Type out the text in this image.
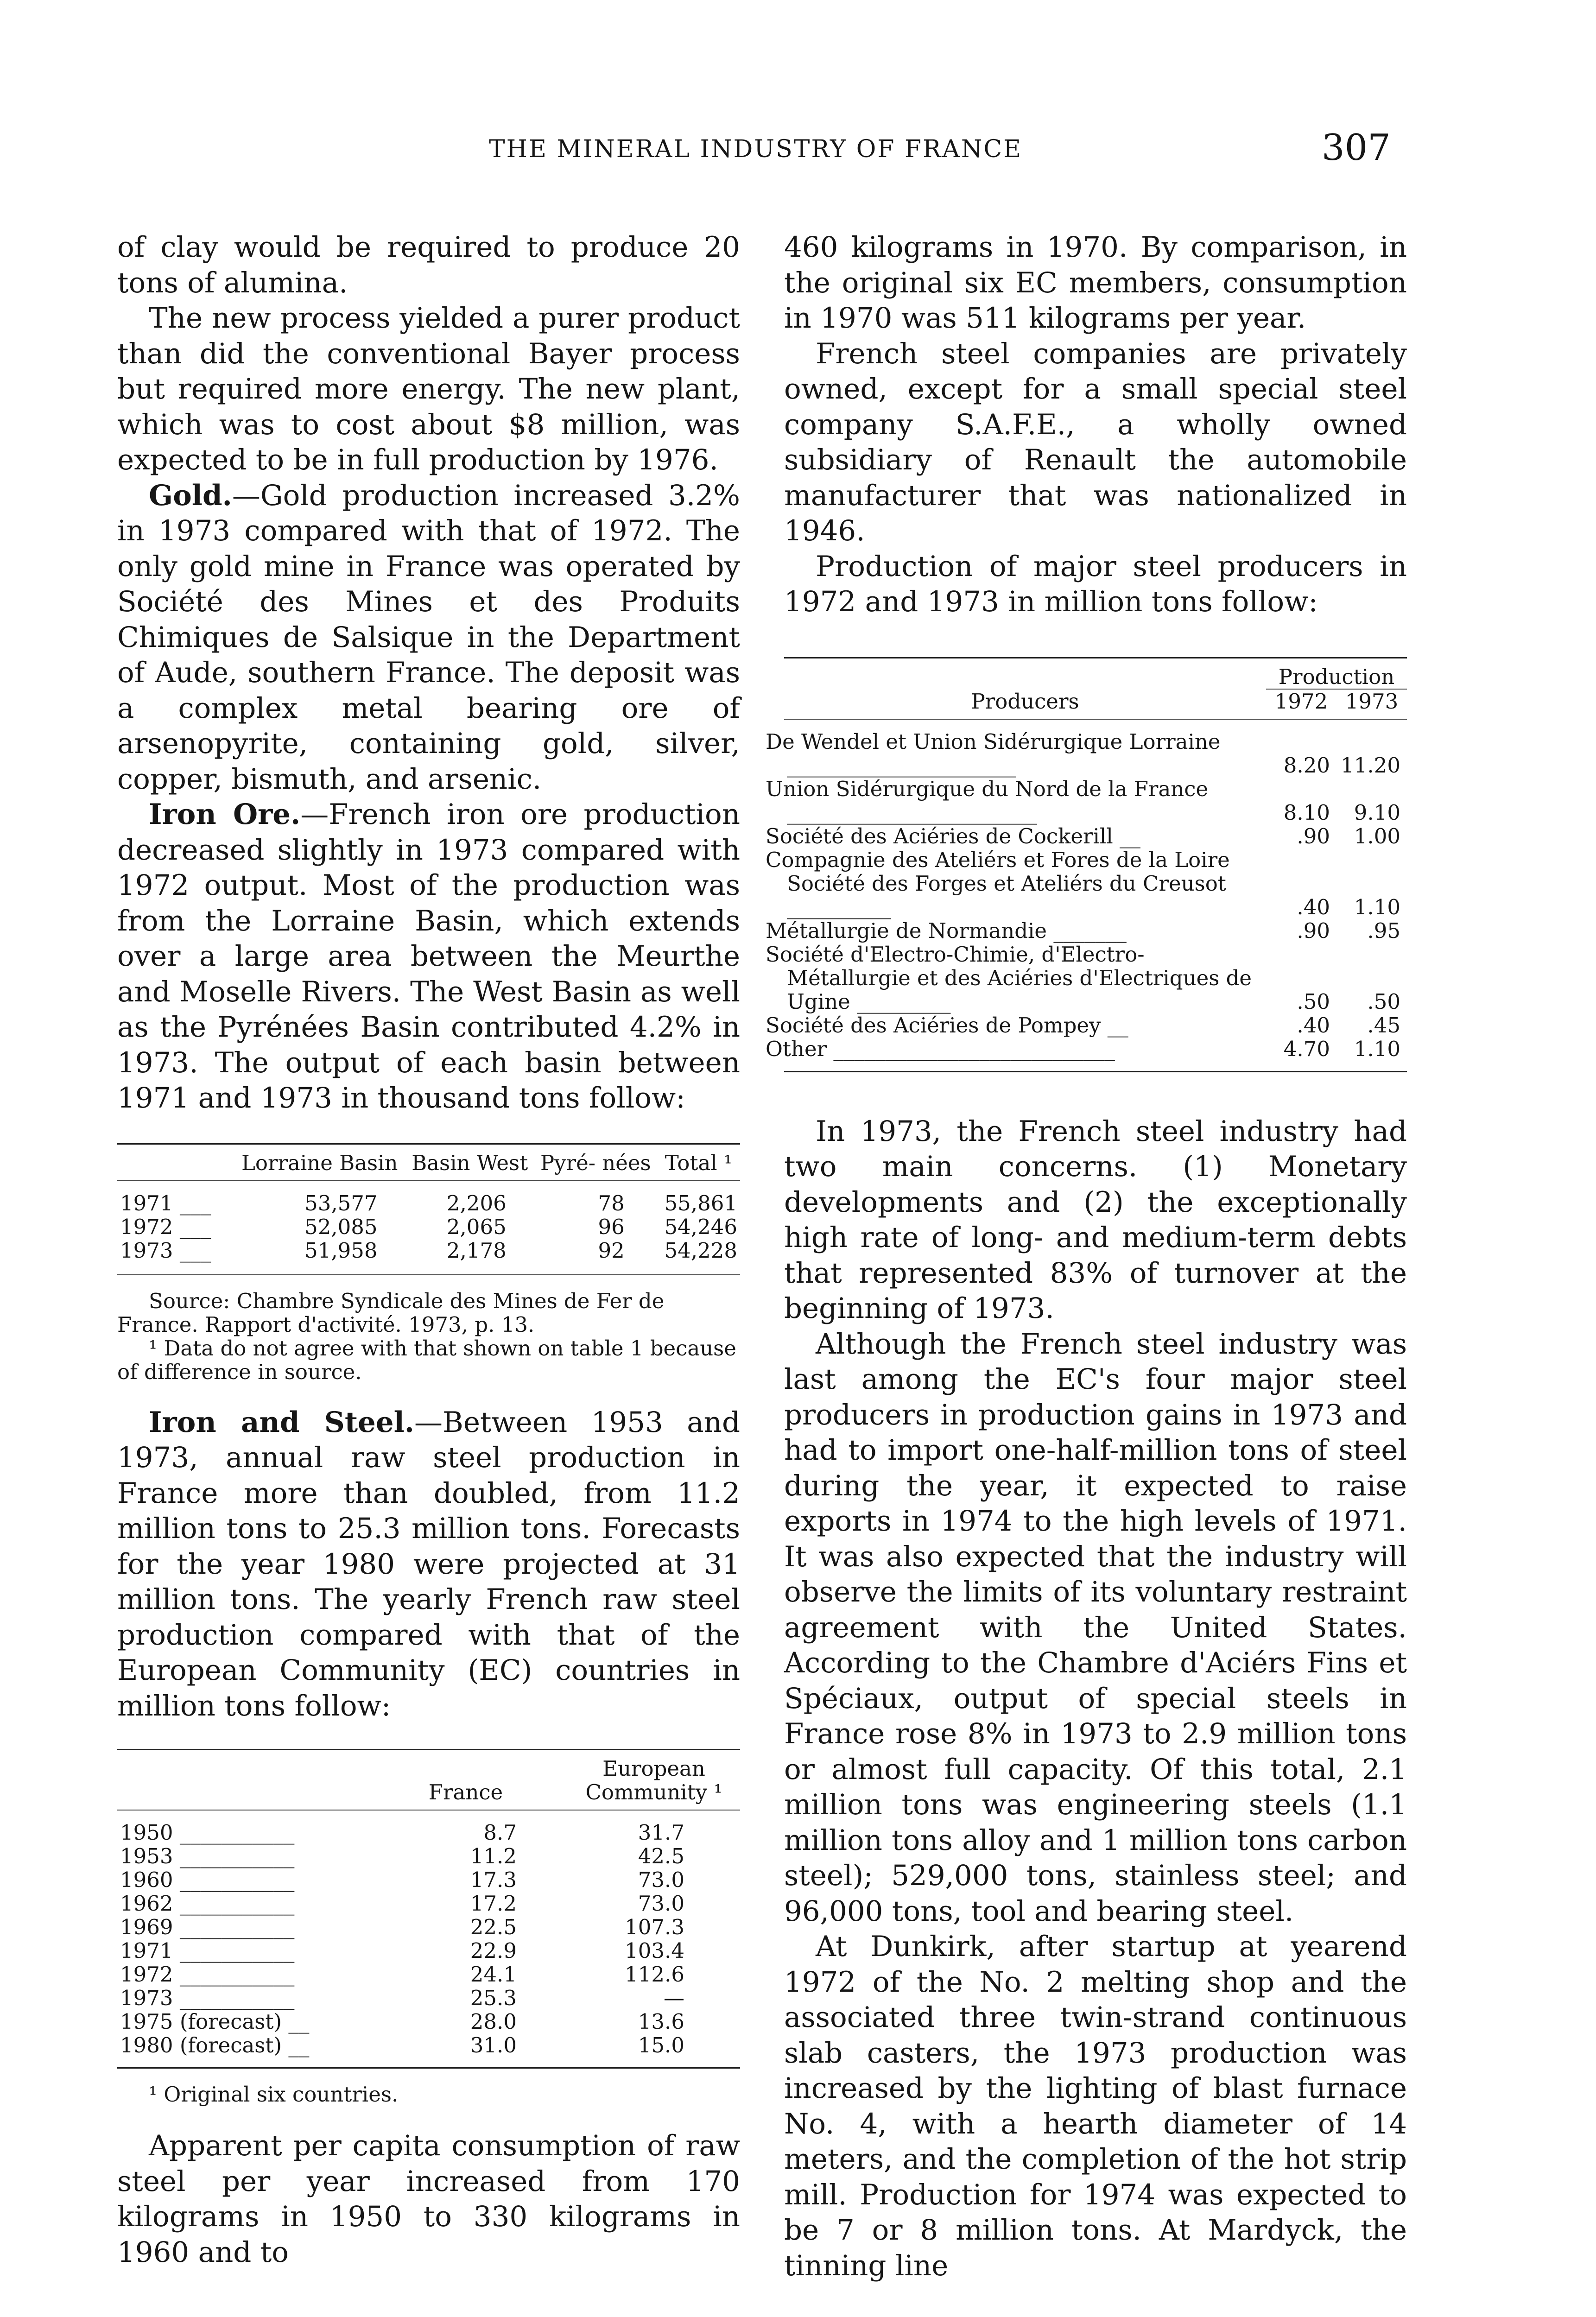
THE MINERAL INDUSTRY OF FRANCE	307

of clay would be required to produce 20 tons of alumina.

The new process yielded a purer product than did the conventional Bayer process but required more energy. The new plant, which was to cost about $8 million, was expected to be in full production by 1976.

Gold.—Gold production increased 3.2% in 1973 compared with that of 1972. The only gold mine in France was operated by Société des Mines et des Produits Chimiques de Salsique in the Department of Aude, southern France. The deposit was a complex metal bearing ore of arsenopyrite, containing gold, silver, copper, bismuth, and arsenic.

Iron Ore.—French iron ore production decreased slightly in 1973 compared with 1972 output. Most of the production was from the Lorraine Basin, which extends over a large area between the Meurthe and Moselle Rivers. The West Basin as well as the Pyrénées Basin contributed 4.2% in 1973. The output of each basin between 1971 and 1973 in thousand tons follow:

	Lorraine Basin	Basin West	Pyré- nées	Total ¹
1971 ___	53,577	2,206	78	55,861
1972 ___	52,085	2,065	96	54,246
1973 ___	51,958	2,178	92	54,228

Source: Chambre Syndicale des Mines de Fer de France. Rapport d'activité. 1973, p. 13.

¹ Data do not agree with that shown on table 1 because of difference in source.

Iron and Steel.—Between 1953 and 1973, annual raw steel production in France more than doubled, from 11.2 million tons to 25.3 million tons. Forecasts for the year 1980 were projected at 31 million tons. The yearly French raw steel production compared with that of the European Community (EC) countries in million tons follow:

	France	European Community ¹
1950 ___________	8.7	31.7
1953 ___________	11.2	42.5
1960 ___________	17.3	73.0
1962 ___________	17.2	73.0
1969 ___________	22.5	107.3
1971 ___________	22.9	103.4
1972 ___________	24.1	112.6
1973 ___________	25.3	—
1975 (forecast) __	28.0	13.6
1980 (forecast) __	31.0	15.0

¹ Original six countries.

Apparent per capita consumption of raw steel per year increased from 170 kilograms in 1950 to 330 kilograms in 1960 and to

460 kilograms in 1970. By comparison, in the original six EC members, consumption in 1970 was 511 kilograms per year.

French steel companies are privately owned, except for a small special steel company S.A.F.E., a wholly owned subsidiary of Renault the automobile manufacturer that was nationalized in 1946.

Production of major steel producers in 1972 and 1973 in million tons follow:

	Production	
Producers	1972	1973
De Wendel et Union Sidérurgique Lorraine ______________________	8.20	11.20
Union Sidérurgique du Nord de la France ________________________	8.10	9.10
Société des Aciéries de Cockerill __	.90	1.00
Compagnie des Ateliérs et Fores de la Loire Société des Forges et Ateliérs du Creusot __________	.40	1.10
Métallurgie de Normandie _______	.90	.95
Société d'Electro-Chimie, d'Electro-Métallurgie et des Aciéries d'Electriques de Ugine _________	.50	.50
Société des Aciéries de Pompey __	.40	.45
Other ___________________________	4.70	1.10

In 1973, the French steel industry had two main concerns. (1) Monetary developments and (2) the exceptionally high rate of long- and medium-term debts that represented 83% of turnover at the beginning of 1973.

Although the French steel industry was last among the EC's four major steel producers in production gains in 1973 and had to import one-half-million tons of steel during the year, it expected to raise exports in 1974 to the high levels of 1971. It was also expected that the industry will observe the limits of its voluntary restraint agreement with the United States. According to the Chambre d'Aciérs Fins et Spéciaux, output of special steels in France rose 8% in 1973 to 2.9 million tons or almost full capacity. Of this total, 2.1 million tons was engineering steels (1.1 million tons alloy and 1 million tons carbon steel); 529,000 tons, stainless steel; and 96,000 tons, tool and bearing steel.

At Dunkirk, after startup at yearend 1972 of the No. 2 melting shop and the associated three twin-strand continuous slab casters, the 1973 production was increased by the lighting of blast furnace No. 4, with a hearth diameter of 14 meters, and the completion of the hot strip mill. Production for 1974 was expected to be 7 or 8 million tons. At Mardyck, the tinning line
